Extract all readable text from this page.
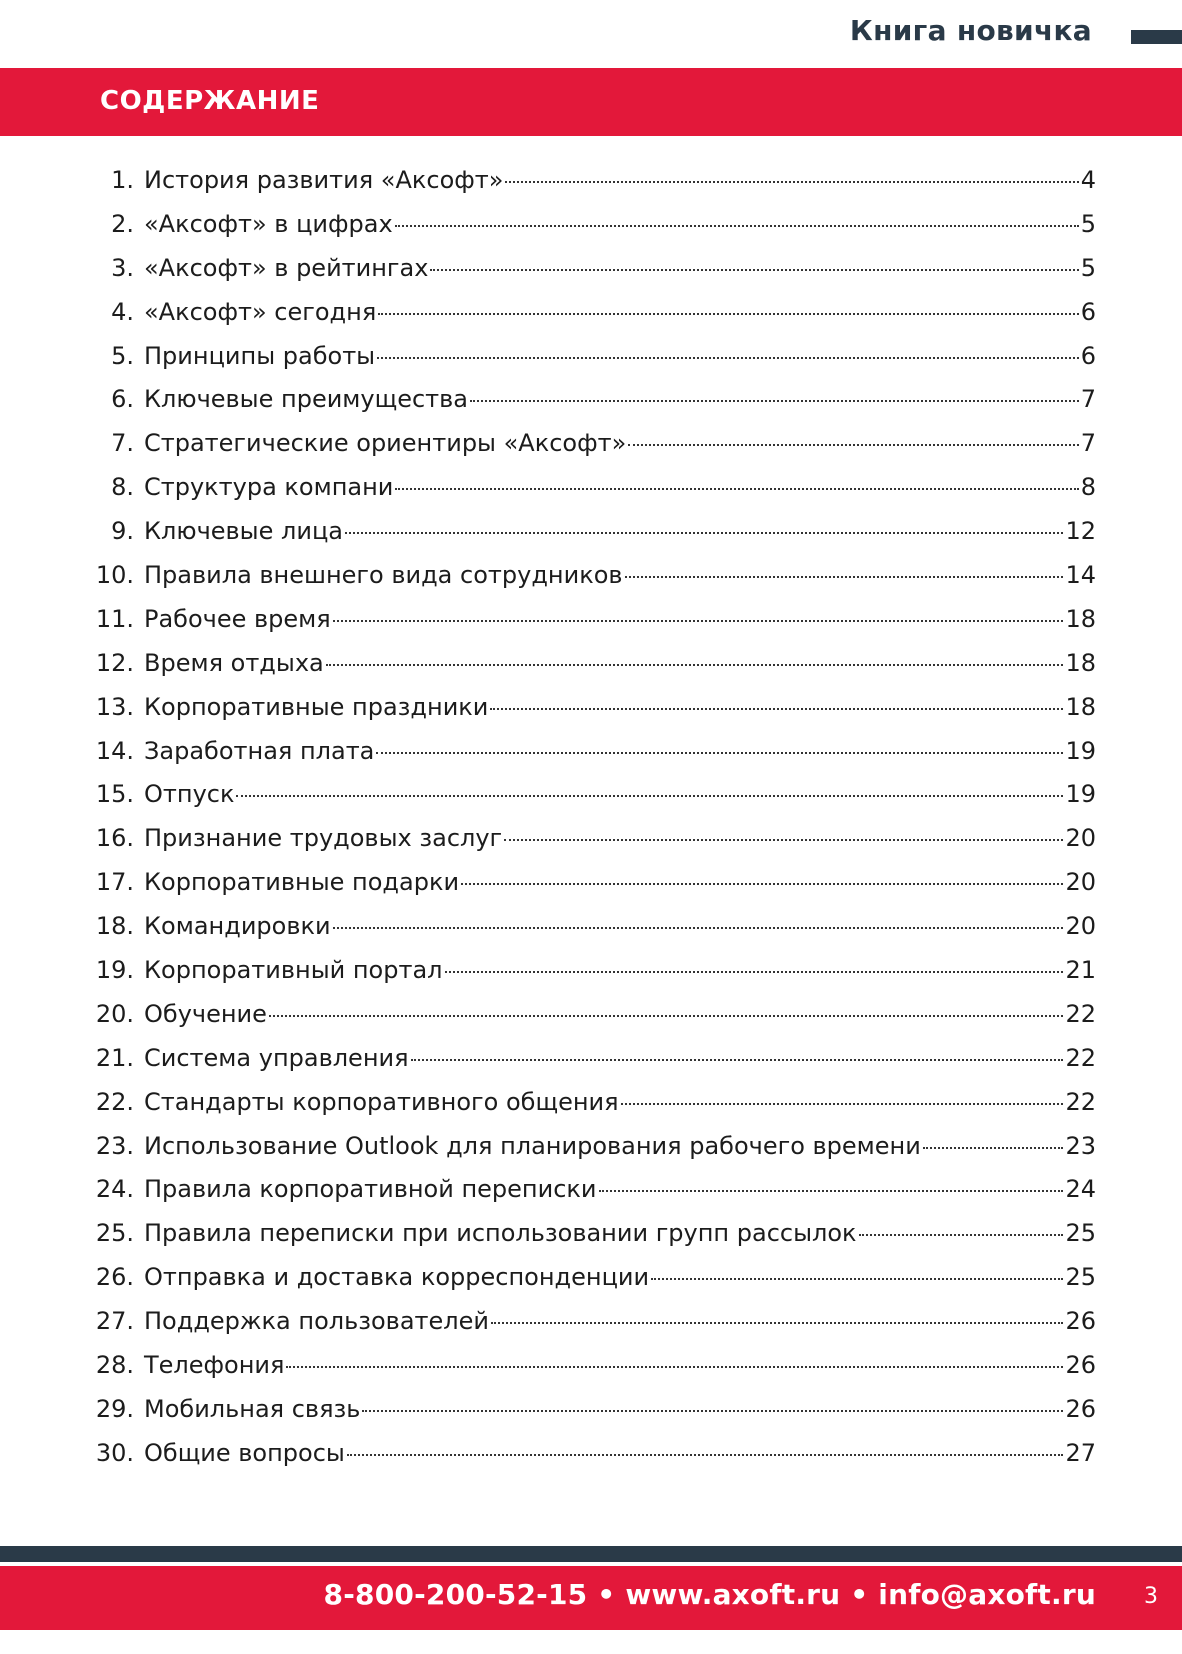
Книга новичка
СОДЕРЖАНИЕ
1. История развития «Аксофт»	4
2. «Аксофт» в цифрах	5
3. «Аксофт» в рейтингах	5
4. «Аксофт» сегодня	6
5. Принципы работы	6
6. Ключевые преимущества	7
7. Стратегические ориентиры «Аксофт»	7
8. Структура компани	8
9. Ключевые лица	12
10. Правила внешнего вида сотрудников	14
11. Рабочее время	18
12. Время отдыха	18
13. Корпоративные праздники	18
14. Заработная плата	19
15. Отпуск	19
16. Признание трудовых заслуг	20
17. Корпоративные подарки	20
18. Командировки	20
19. Корпоративный портал	21
20. Обучение	22
21. Система управления	22
22. Стандарты корпоративного общения	22
23. Использование Outlook для планирования рабочего времени	23
24. Правила корпоративной переписки	24
25. Правила переписки при использовании групп рассылок	25
26. Отправка и доставка корреспонденции	25
27. Поддержка пользователей	26
28. Телефония	26
29. Мобильная связь	26
30. Общие вопросы	27
8-800-200-52-15 • www.axoft.ru • info@axoft.ru 3
